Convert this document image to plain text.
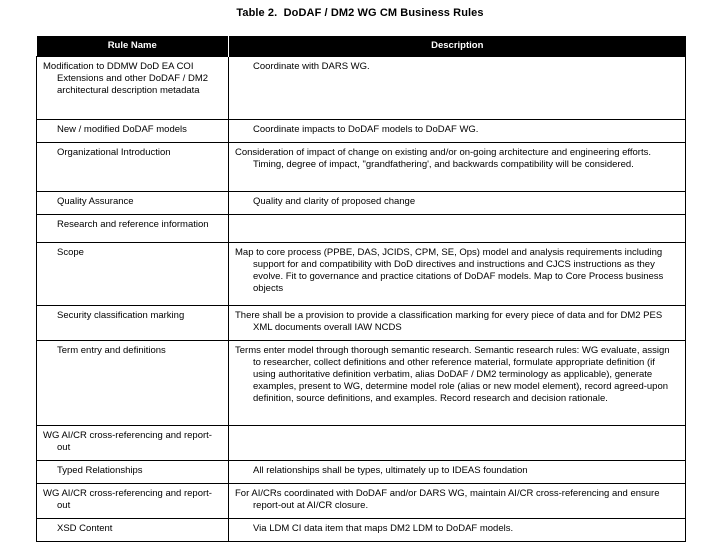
Table 2.  DoDAF / DM2 WG CM Business Rules
Rule Name	Description
Modification to DDMW DoD EA COI Extensions and other DoDAF / DM2 architectural description metadata	Coordinate with DARS WG.
New / modified DoDAF models	Coordinate impacts to DoDAF models to DoDAF WG.
Organizational Introduction	Consideration of impact of change on existing and/or on-going architecture and engineering efforts. Timing, degree of impact, "grandfathering', and backwards compatibility will be considered.
Quality Assurance	Quality and clarity of proposed change
Research and reference information	
Scope	Map to core process (PPBE, DAS, JCIDS, CPM, SE, Ops) model and analysis requirements including support for and compatibility with DoD directives and instructions and CJCS instructions as they evolve. Fit to governance and practice citations of DoDAF models. Map to Core Process business objects
Security classification marking	There shall be a provision to provide a classification marking for every piece of data and for DM2 PES XML documents overall IAW NCDS
Term entry and definitions	Terms enter model through thorough semantic research. Semantic research rules: WG evaluate, assign to researcher, collect definitions and other reference material, formulate appropriate definition (if using authoritative definition verbatim, alias DoDAF / DM2 terminology as applicable), generate examples, present to WG, determine model role (alias or new model element), record agreed-upon definition, source definitions, and examples. Record research and decision rationale.
WG AI/CR cross-referencing and report-out	
Typed Relationships	All relationships shall be types, ultimately up to IDEAS foundation
WG AI/CR cross-referencing and report-out	For AI/CRs coordinated with DoDAF and/or DARS WG, maintain AI/CR cross-referencing and ensure report-out at AI/CR closure.
XSD Content	Via LDM CI data item that maps DM2 LDM to DoDAF models.
